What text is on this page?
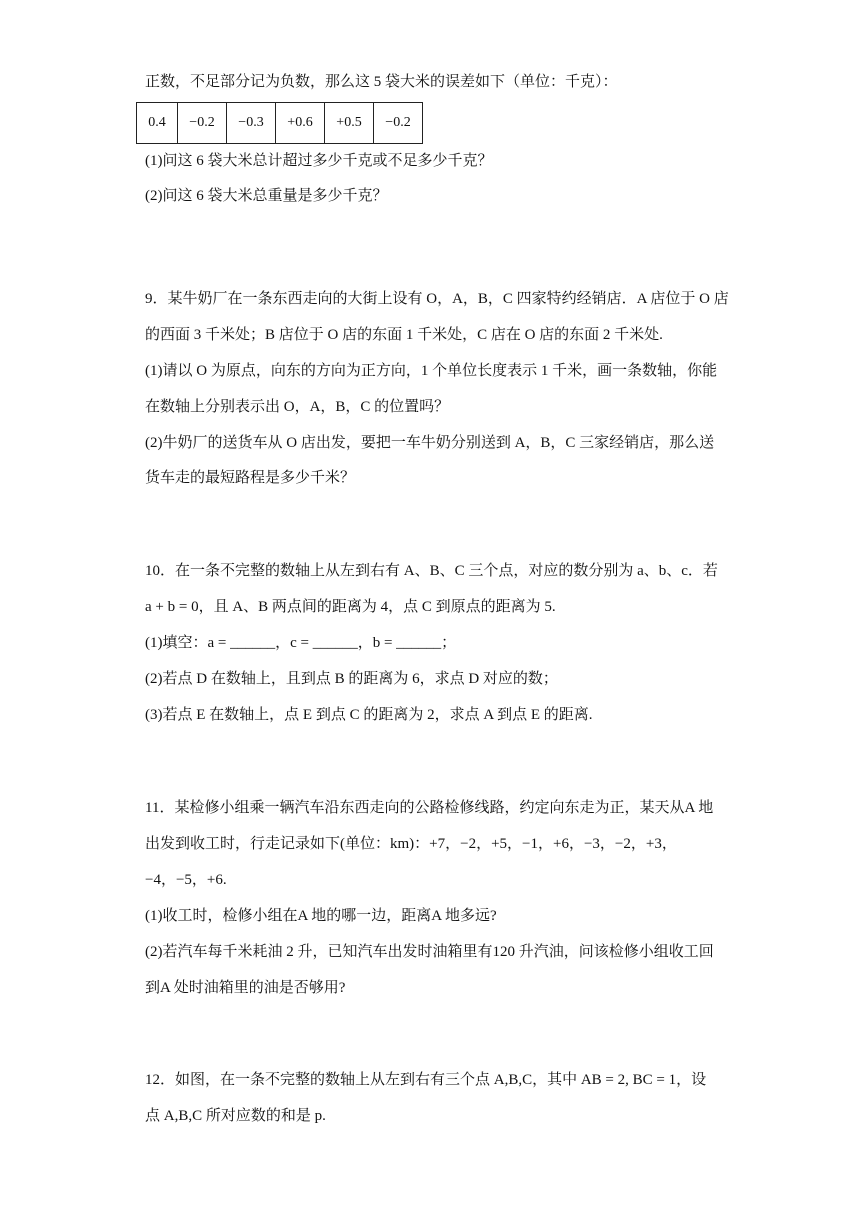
正数，不足部分记为负数，那么这 5 袋大米的误差如下（单位：千克）：
0.4	−0.2	−0.3	+0.6	+0.5	−0.2
(1)问这 6 袋大米总计超过多少千克或不足多少千克？
(2)问这 6 袋大米总重量是多少千克？
9．某牛奶厂在一条东西走向的大街上设有 O，A，B，C 四家特约经销店．A 店位于 O 店
的西面 3 千米处；B 店位于 O 店的东面 1 千米处，C 店在 O 店的东面 2 千米处.
(1)请以 O 为原点，向东的方向为正方向，1 个单位长度表示 1 千米，画一条数轴，你能
在数轴上分别表示出 O，A，B，C 的位置吗？
(2)牛奶厂的送货车从 O 店出发，要把一车牛奶分别送到 A，B，C 三家经销店，那么送
货车走的最短路程是多少千米？
10．在一条不完整的数轴上从左到右有 A、B、C 三个点，对应的数分别为 a、b、c．若
a + b = 0，且 A、B 两点间的距离为 4，点 C 到原点的距离为 5.
(1)填空：a = ______，c = ______，b = ______；
(2)若点 D 在数轴上，且到点 B 的距离为 6，求点 D 对应的数；
(3)若点 E 在数轴上，点 E 到点 C 的距离为 2，求点 A 到点 E 的距离.
11．某检修小组乘一辆汽车沿东西走向的公路检修线路，约定向东走为正，某天从A 地
出发到收工时，行走记录如下(单位：km)：+7，−2，+5，−1，+6，−3，−2，+3，
−4，−5，+6.
(1)收工时，检修小组在A 地的哪一边，距离A 地多远?
(2)若汽车每千米耗油 2 升，已知汽车出发时油箱里有120 升汽油，问该检修小组收工回
到A 处时油箱里的油是否够用?
12．如图，在一条不完整的数轴上从左到右有三个点 A,B,C，其中 AB = 2, BC = 1，设
点 A,B,C 所对应数的和是 p.
